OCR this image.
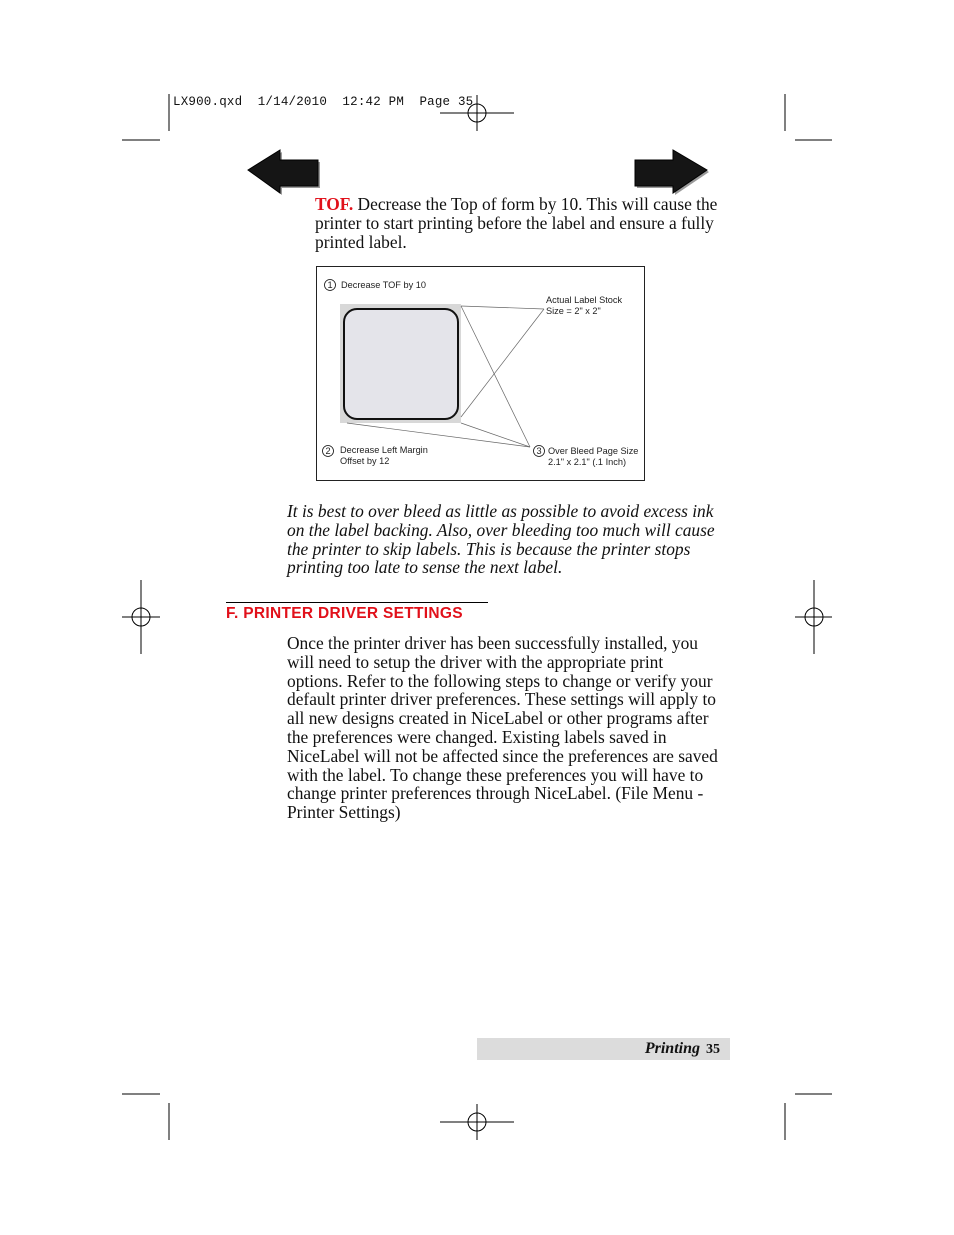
LX900.qxd  1/14/2010  12:42 PM  Page 35
TOF. Decrease the Top of form by 10. This will cause the printer to start printing before the label and ensure a fully printed label.
1 Decrease TOF by 10
Actual Label Stock
Size = 2" x 2"
2 Decrease Left Margin
Offset by 12
3 Over Bleed Page Size
2.1" x 2.1" (.1 Inch)
It is best to over bleed as little as possible to avoid excess ink on the label backing. Also, over bleeding too much will cause the printer to skip labels. This is because the printer stops printing too late to sense the next label.
F. PRINTER DRIVER SETTINGS
Once the printer driver has been successfully installed, you will need to setup the driver with the appropriate print options. Refer to the following steps to change or verify your default printer driver preferences. These settings will apply to all new designs created in NiceLabel or other programs after the preferences were changed. Existing labels saved in NiceLabel will not be affected since the preferences are saved with the label. To change these preferences you will have to change printer preferences through NiceLabel. (File Menu - Printer Settings)
Printing 35
